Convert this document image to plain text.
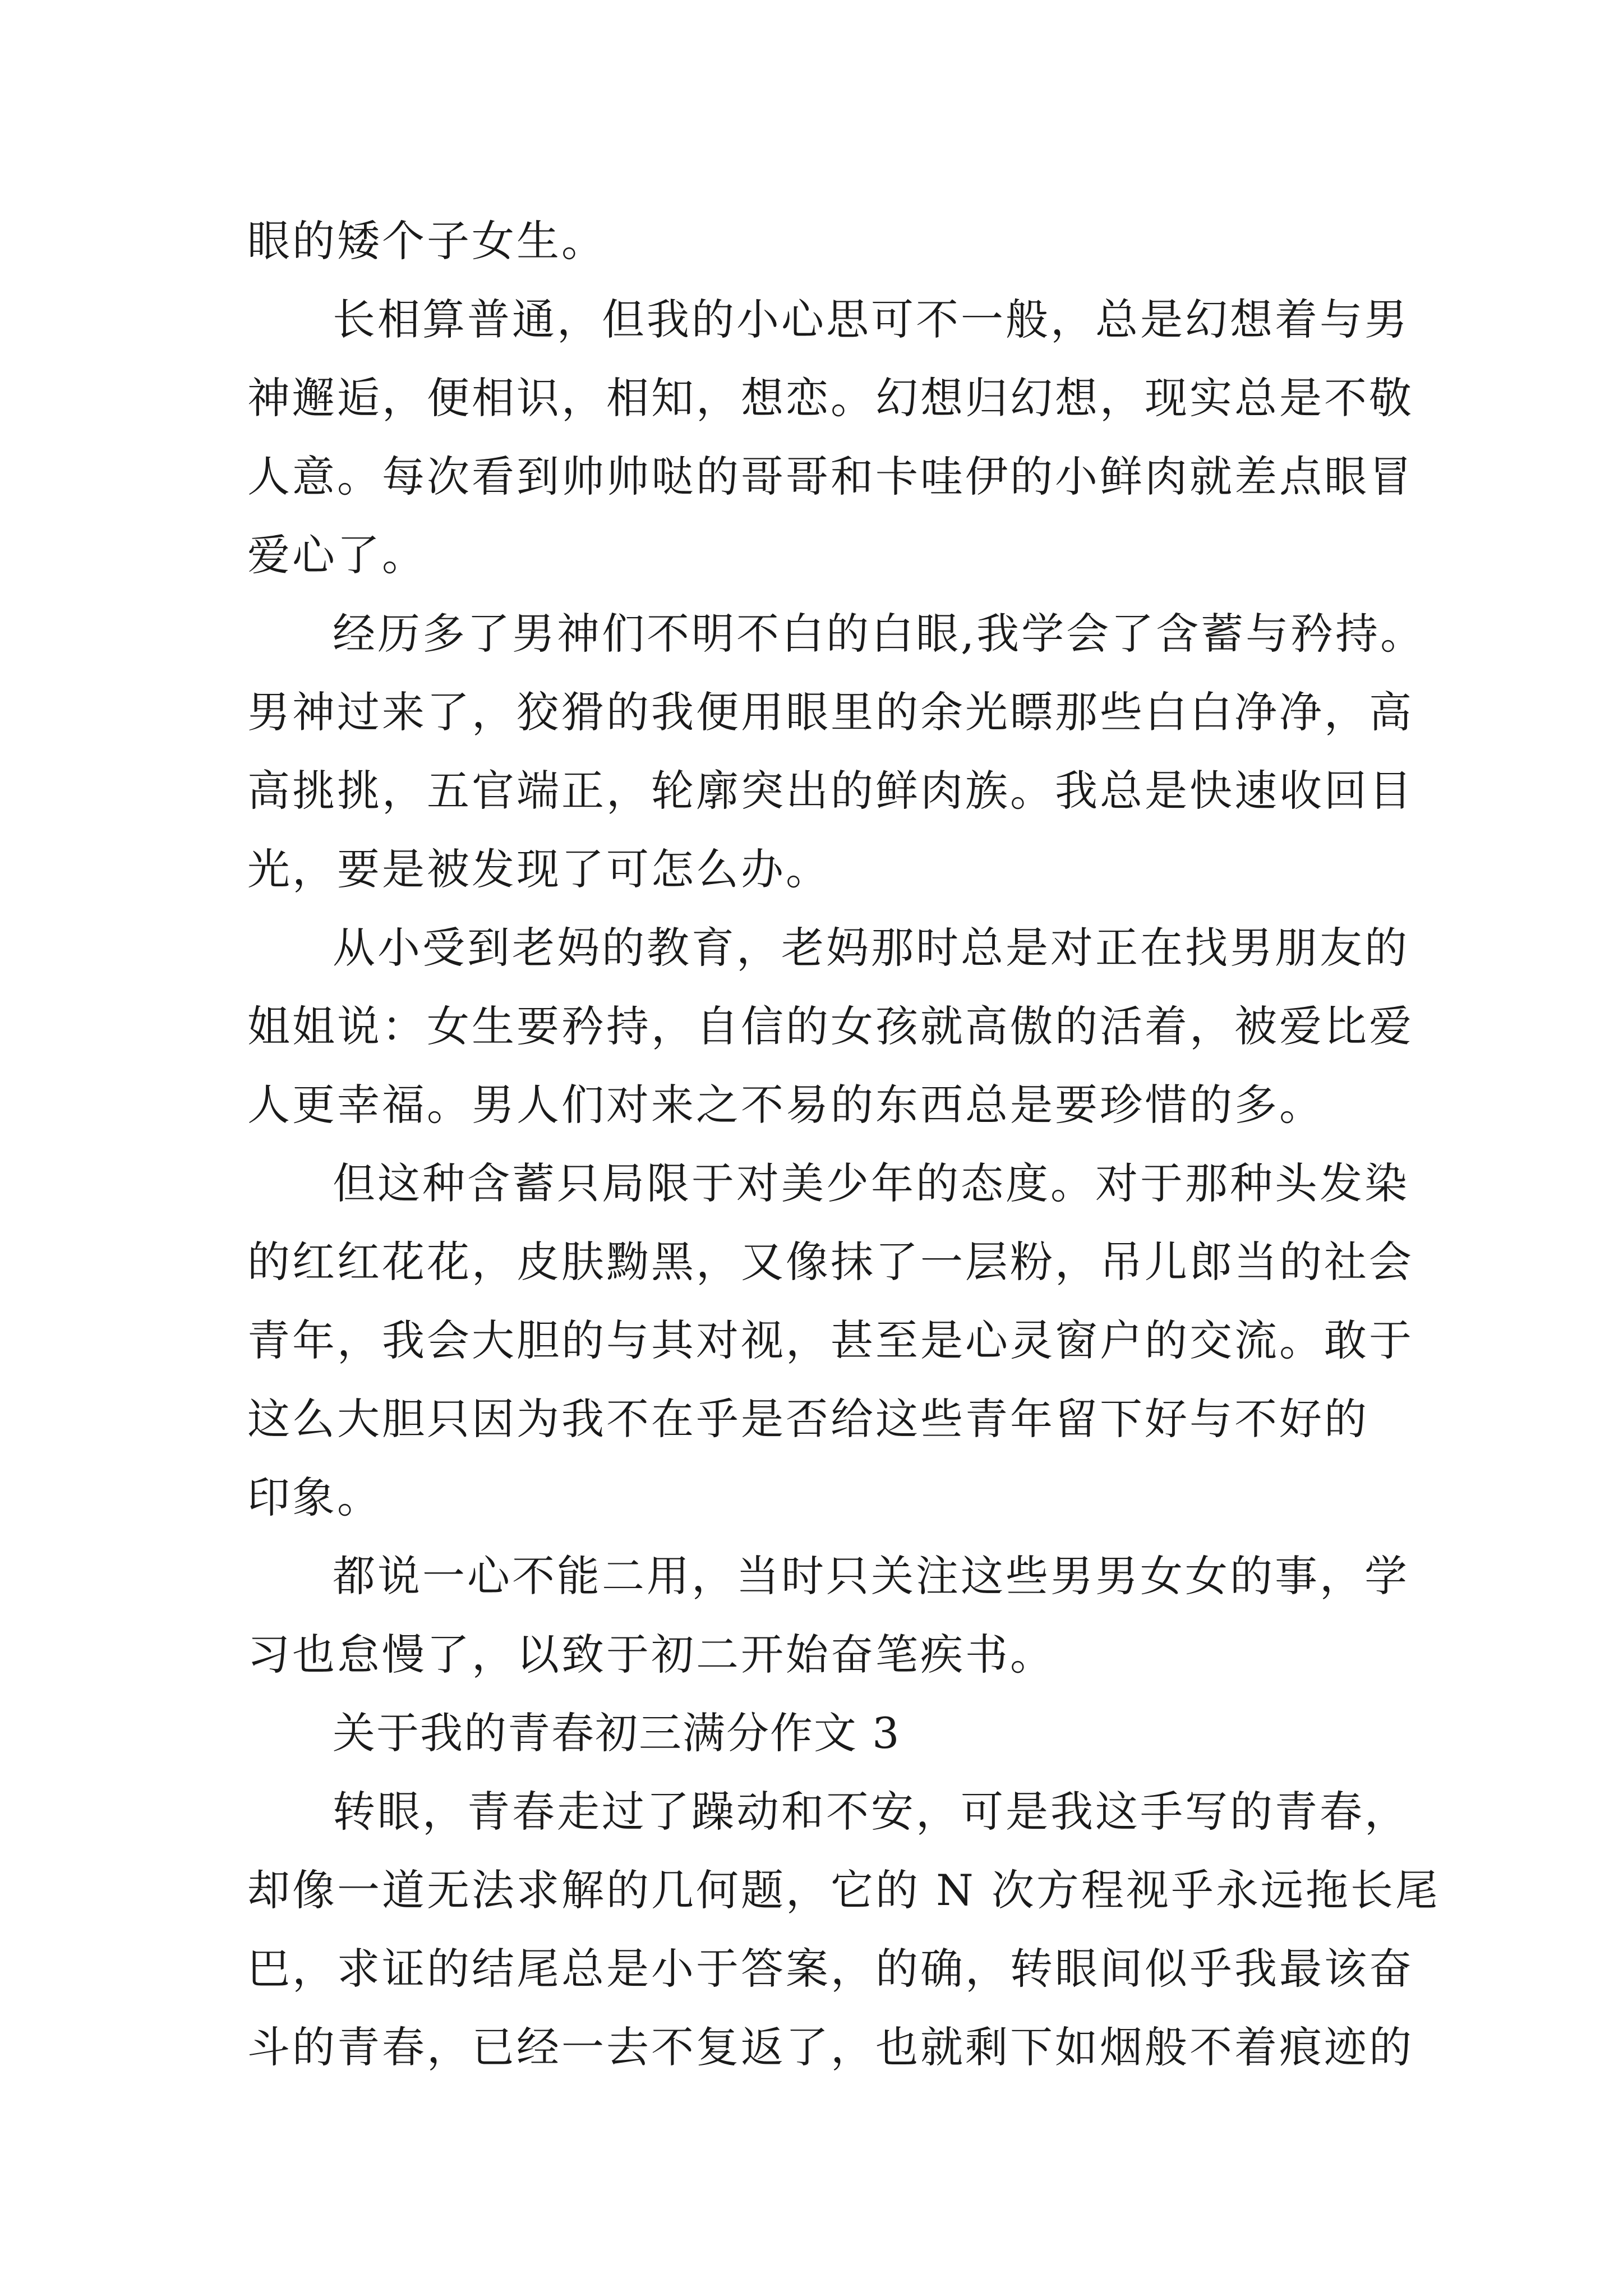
眼的矮个子女生。
长相算普通，但我的小心思可不一般，总是幻想着与男
神邂逅，便相识，相知，想恋。幻想归幻想，现实总是不敬
人意。每次看到帅帅哒的哥哥和卡哇伊的小鲜肉就差点眼冒
爱心了。
经历多了男神们不明不白的白眼,我学会了含蓄与矜持。
男神过来了，狡猾的我便用眼里的余光瞟那些白白净净，高
高挑挑，五官端正，轮廓突出的鲜肉族。我总是快速收回目
光，要是被发现了可怎么办。
从小受到老妈的教育，老妈那时总是对正在找男朋友的
姐姐说：女生要矜持，自信的女孩就高傲的活着，被爱比爱
人更幸福。男人们对来之不易的东西总是要珍惜的多。
但这种含蓄只局限于对美少年的态度。对于那种头发染
的红红花花，皮肤黝黑，又像抹了一层粉，吊儿郎当的社会
青年，我会大胆的与其对视，甚至是心灵窗户的交流。敢于
这么大胆只因为我不在乎是否给这些青年留下好与不好的
印象。
都说一心不能二用，当时只关注这些男男女女的事，学
习也怠慢了，以致于初二开始奋笔疾书。
关于我的青春初三满分作文 3
转眼，青春走过了躁动和不安，可是我这手写的青春，
却像一道无法求解的几何题，它的 N 次方程视乎永远拖长尾
巴，求证的结尾总是小于答案，的确，转眼间似乎我最该奋
斗的青春，已经一去不复返了，也就剩下如烟般不着痕迹的
